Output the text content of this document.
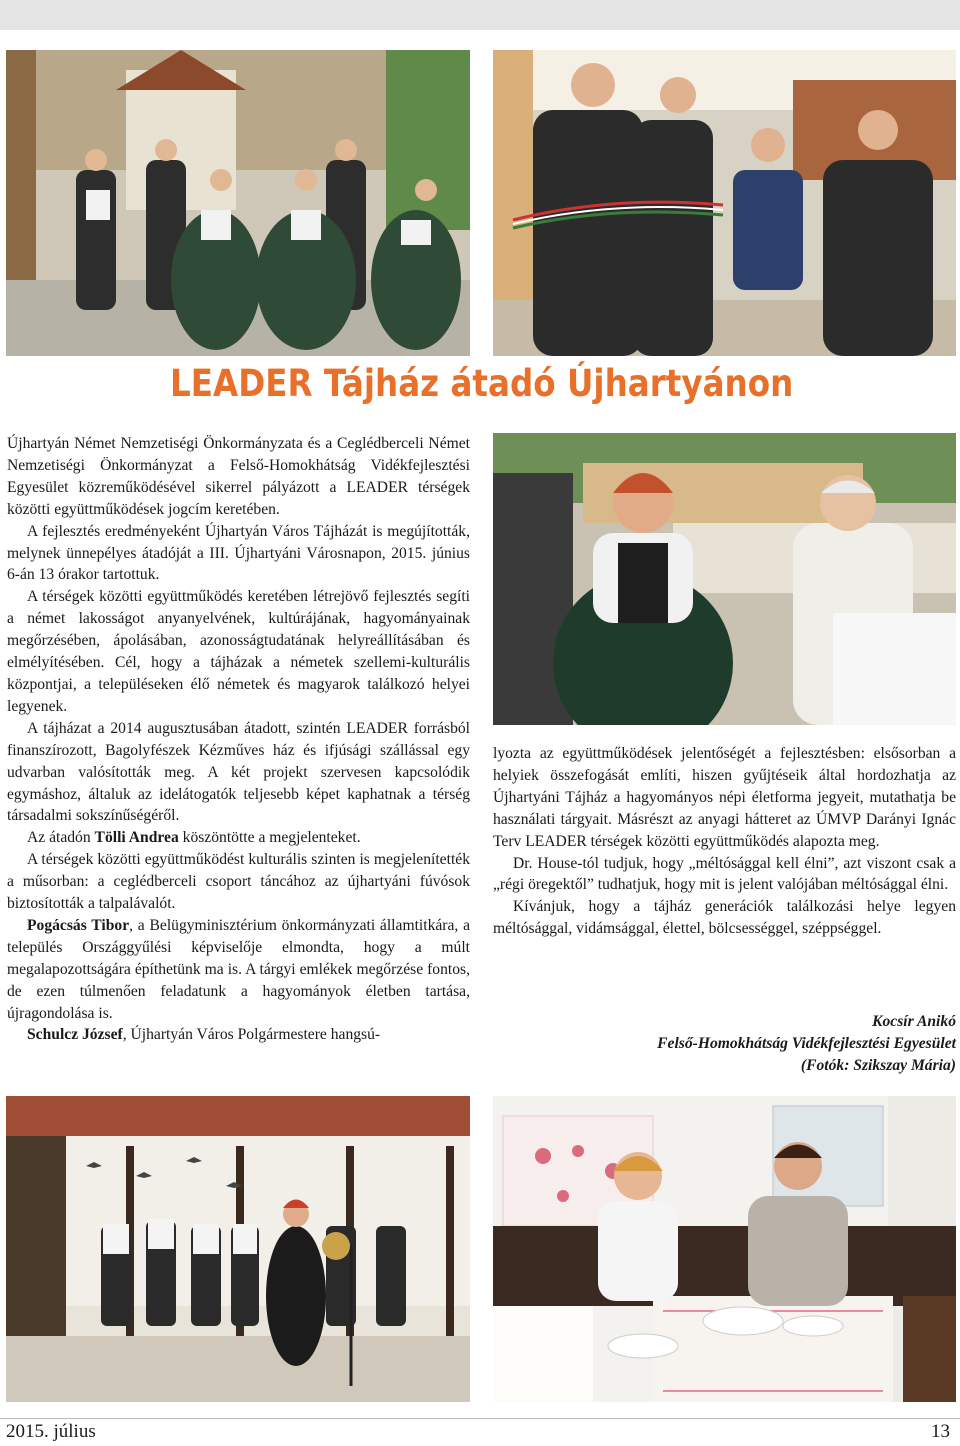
LEADER Tájház átadó Újhartyánon

Újhartyán Német Nemzetiségi Önkormányzata és a Ceglédberceli Német Nemzetiségi Önkormányzat a Felső-Homokhátság Vidékfejlesztési Egyesület közreműködésével sikerrel pályázott a LEADER térségek közötti együttműködések jogcím keretében.

A fejlesztés eredményeként Újhartyán Város Tájházát is megújították, melynek ünnepélyes átadóját a III. Újhartyáni Városnapon, 2015. június 6-án 13 órakor tartottuk.

A térségek közötti együttműködés keretében létrejövő fejlesztés segíti a német lakosságot anyanyelvének, kultúrájának, hagyományainak megőrzésében, ápolásában, azonosságtudatának helyreállításában és elmélyítésében. Cél, hogy a tájházak a németek szellemi-kulturális központjai, a településeken élő németek és magyarok találkozó helyei legyenek.

A tájházat a 2014 augusztusában átadott, szintén LEADER forrásból finanszírozott, Bagolyfészek Kézműves ház és ifjúsági szállással egy udvarban valósították meg. A két projekt szervesen kapcsolódik egymáshoz, általuk az idelátogatók teljesebb képet kaphatnak a térség társadalmi sokszínűségéről.

Az átadón Tölli Andrea köszöntötte a megjelenteket.

A térségek közötti együttműködést kulturális szinten is megjelenítették a műsorban: a ceglédberceli csoport táncához az újhartyáni fúvósok biztosították a talpalávalót.

Pogácsás Tibor, a Belügyminisztérium önkormányzati államtitkára, a település Országgyűlési képviselője elmondta, hogy a múlt megalapozottságára építhetünk ma is. A tárgyi emlékek megőrzése fontos, de ezen túlmenően feladatunk a hagyományok életben tartása, újragondolása is.

Schulcz József, Újhartyán Város Polgármestere hangsú-

lyozta az együttműködések jelentőségét a fejlesztésben: elsősorban a helyiek összefogását említi, hiszen gyűjtéseik által hordozhatja az Újhartyáni Tájház a hagyományos népi életforma jegyeit, mutathatja be használati tárgyait. Másrészt az anyagi hátteret az ÚMVP Darányi Ignác Terv LEADER térségek közötti együttműködés alapozta meg.

Dr. House-tól tudjuk, hogy „méltósággal kell élni”, azt viszont csak a „régi öregektől” tudhatjuk, hogy mit is jelent valójában méltósággal élni.

Kívánjuk, hogy a tájház generációk találkozási helye legyen méltósággal, vidámsággal, élettel, bölcsességgel, széppséggel.

Kocsír Anikó
Felső-Homokhátság Vidékfejlesztési Egyesület
(Fotók: Szikszay Mária)
2015. július	13
